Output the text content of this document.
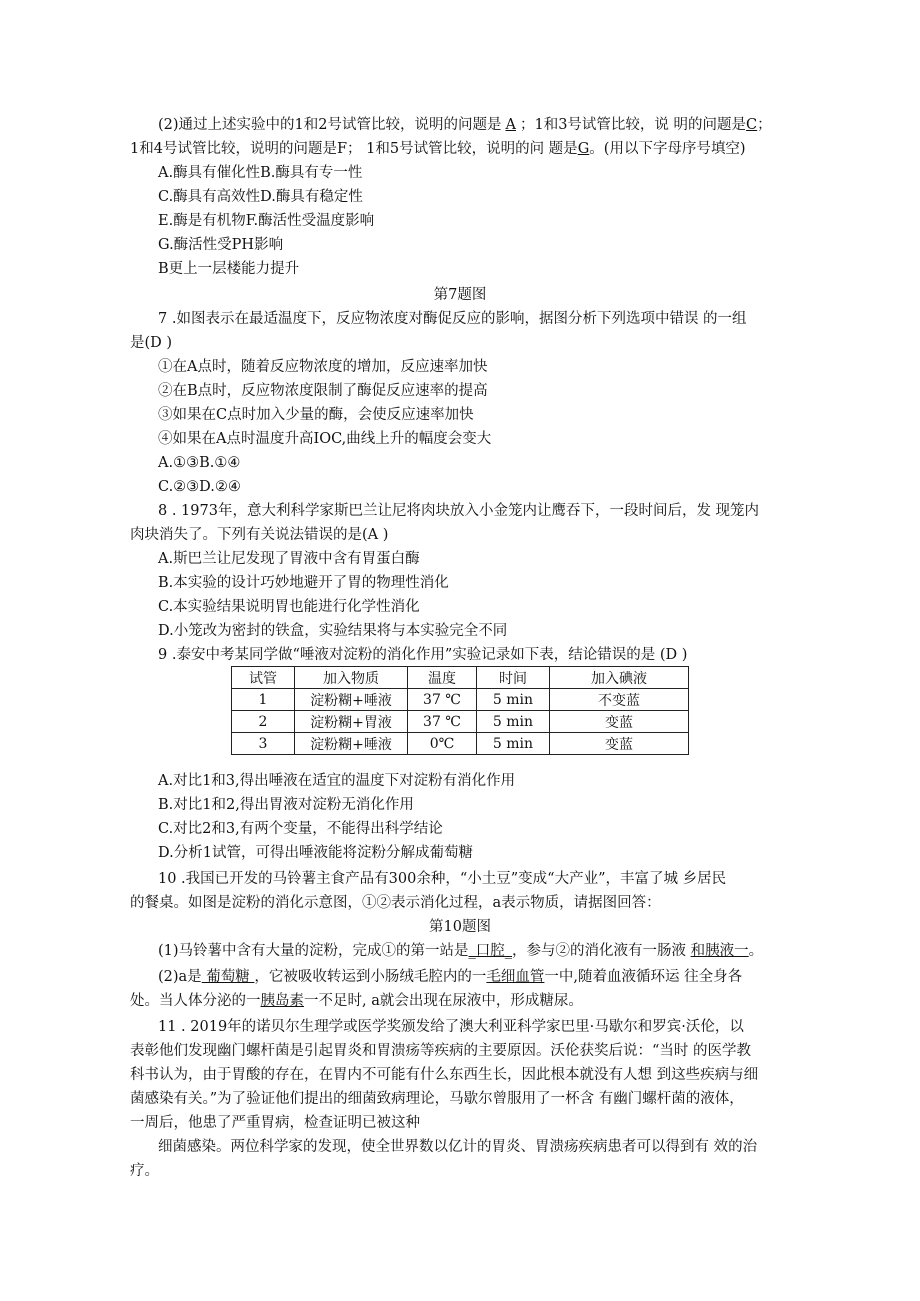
(2)通过上述实验中的1和2号试管比较，说明的问题是 A ；1和3号试管比较，说 明的问题是C；
1和4号试管比较，说明的问题是F； 1和5号试管比较，说明的问 题是G。(用以下字母序号填空)
A.酶具有催化性B.酶具有专一性
C.酶具有高效性D.酶具有稳定性
E.酶是有机物F.酶活性受温度影响
G.酶活性受PH影响
B更上一层楼能力提升
第7题图
7 .如图表示在最适温度下，反应物浓度对酶促反应的影响，据图分析下列选项中错误 的一组
是(D )
①在A点时，随着反应物浓度的增加，反应速率加快
②在B点时，反应物浓度限制了酶促反应速率的提高
③如果在C点时加入少量的酶，会使反应速率加快
④如果在A点时温度升高IOC,曲线上升的幅度会变大
A.①③B.①④
C.②③D.②④
8 . 1973年，意大利科学家斯巴兰让尼将肉块放入小金笼内让鹰吞下，一段时间后，发 现笼内
肉块消失了。下列有关说法错误的是(A )
A.斯巴兰让尼发现了胃液中含有胃蛋白酶
B.本实验的设计巧妙地避开了胃的物理性消化
C.本实验结果说明胃也能进行化学性消化
D.小笼改为密封的铁盒，实验结果将与本实验完全不同
9 .泰安中考某同学做“唾液对淀粉的消化作用”实验记录如下表，结论错误的是 (D )
试管	加入物质	温度	时间	加入碘液
1	淀粉糊+唾液	37 ℃	5 min	不变蓝
2	淀粉糊+胃液	37 ℃	5 min	变蓝
3	淀粉糊+唾液	0℃	5 min	变蓝
A.对比1和3,得出唾液在适宜的温度下对淀粉有消化作用
B.对比1和2,得出胃液对淀粉无消化作用
C.对比2和3,有两个变量，不能得出科学结论
D.分析1试管，可得出唾液能将淀粉分解成葡萄糖
10 .我国已开发的马铃薯主食产品有300余种，“小土豆”变成“大产业”，丰富了城 乡居民
的餐桌。如图是淀粉的消化示意图，①②表示消化过程，a表示物质，请据图回答：
第10题图
(1)马铃薯中含有大量的淀粉，完成①的第一站是_口腔_，参与②的消化液有一肠液 和胰液一。
(2)a是 葡萄糖 ，它被吸收转运到小肠绒毛腔内的一毛细血管一中,随着血液循环运 往全身各
处。当人体分泌的一胰岛素一不足时, a就会出现在尿液中，形成糖尿。
11 . 2019年的诺贝尔生理学或医学奖颁发给了澳大利亚科学家巴里·马歇尔和罗宾·沃伦，以
表彰他们发现幽门螺杆菌是引起胃炎和胃溃疡等疾病的主要原因。沃伦获奖后说：“当时 的医学教
科书认为，由于胃酸的存在，在胃内不可能有什么东西生长，因此根本就没有人想 到这些疾病与细
菌感染有关。”为了验证他们提出的细菌致病理论，马歇尔曾服用了一杯含 有幽门螺杆菌的液体，
一周后，他患了严重胃病，检查证明已被这种
细菌感染。两位科学家的发现，使全世界数以亿计的胃炎、胃溃疡疾病患者可以得到有 效的治
疗。
